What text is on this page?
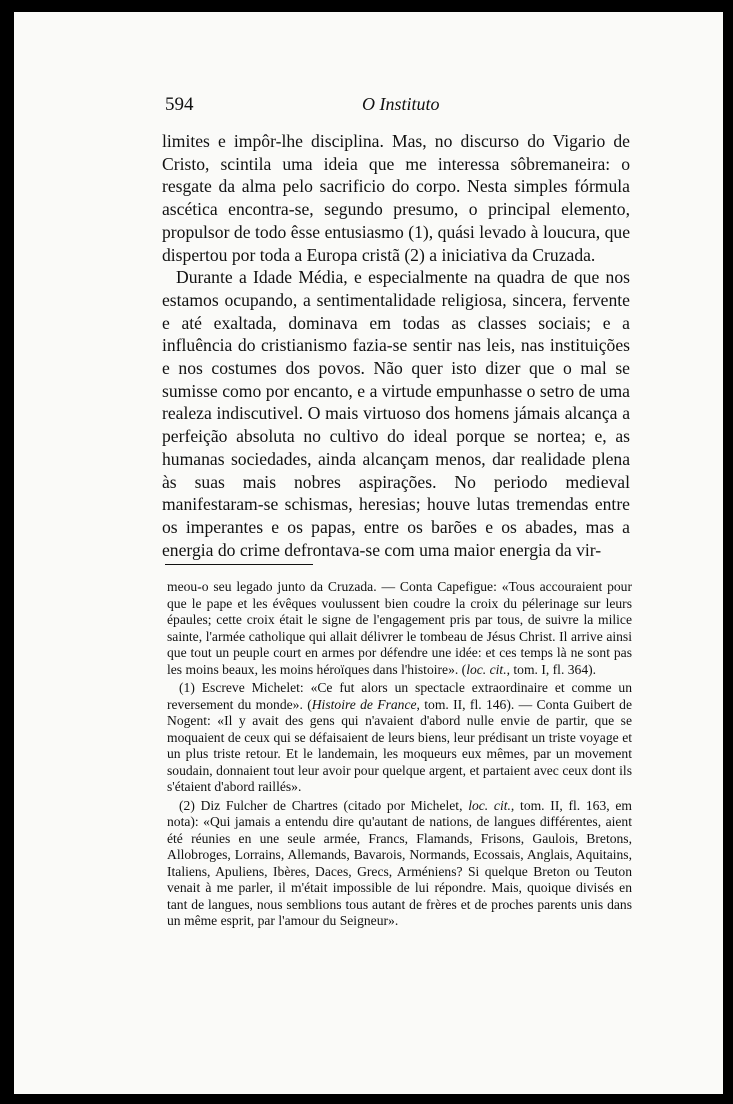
594	O Instituto

limites e impôr-lhe disciplina. Mas, no discurso do Vigario de Cristo, scintila uma ideia que me interessa sôbremaneira: o resgate da alma pelo sacrificio do corpo. Nesta simples fórmula ascética encontra-se, segundo presumo, o principal elemento, propulsor de todo êsse entusiasmo (1), quási levado à loucura, que dispertou por toda a Europa cristã (2) a iniciativa da Cruzada.

Durante a Idade Média, e especialmente na quadra de que nos estamos ocupando, a sentimentalidade religiosa, sincera, fervente e até exaltada, dominava em todas as classes sociais; e a influência do cristianismo fazia-se sentir nas leis, nas instituições e nos costumes dos povos. Não quer isto dizer que o mal se sumisse como por encanto, e a virtude empunhasse o setro de uma realeza indiscutivel. O mais virtuoso dos homens jámais alcança a perfeição absoluta no cultivo do ideal porque se nortea; e, as humanas sociedades, ainda alcançam menos, dar realidade plena às suas mais nobres aspirações. No periodo medieval manifestaram-se schismas, heresias; houve lutas tremendas entre os imperantes e os papas, entre os barões e os abades, mas a energia do crime defrontava-se com uma maior energia da vir-

meou-o seu legado junto da Cruzada. — Conta Capefigue: «Tous accouraient pour que le pape et les évêques voulussent bien coudre la croix du pélerinage sur leurs épaules; cette croix était le signe de l'engagement pris par tous, de suivre la milice sainte, l'armée catholique qui allait délivrer le tombeau de Jésus Christ. Il arrive ainsi que tout un peuple court en armes por défendre une idée: et ces temps là ne sont pas les moins beaux, les moins héroïques dans l'histoire». (loc. cit., tom. I, fl. 364).

(1) Escreve Michelet: «Ce fut alors un spectacle extraordinaire et comme un reversement du monde». (Histoire de France, tom. II, fl. 146). — Conta Guibert de Nogent: «Il y avait des gens qui n'avaient d'abord nulle envie de partir, que se moquaient de ceux qui se défaisaient de leurs biens, leur prédisant un triste voyage et un plus triste retour. Et le landemain, les moqueurs eux mêmes, par un movement soudain, donnaient tout leur avoir pour quelque argent, et partaient avec ceux dont ils s'étaient d'abord raillés».

(2) Diz Fulcher de Chartres (citado por Michelet, loc. cit., tom. II, fl. 163, em nota): «Qui jamais a entendu dire qu'autant de nations, de langues différentes, aient été réunies en une seule armée, Francs, Flamands, Frisons, Gaulois, Bretons, Allobroges, Lorrains, Allemands, Bavarois, Normands, Ecossais, Anglais, Aquitains, Italiens, Apuliens, Ibères, Daces, Grecs, Arméniens? Si quelque Breton ou Teuton venait à me parler, il m'était impossible de lui répondre. Mais, quoique divisés en tant de langues, nous semblions tous autant de frères et de proches parents unis dans un même esprit, par l'amour du Seigneur».
